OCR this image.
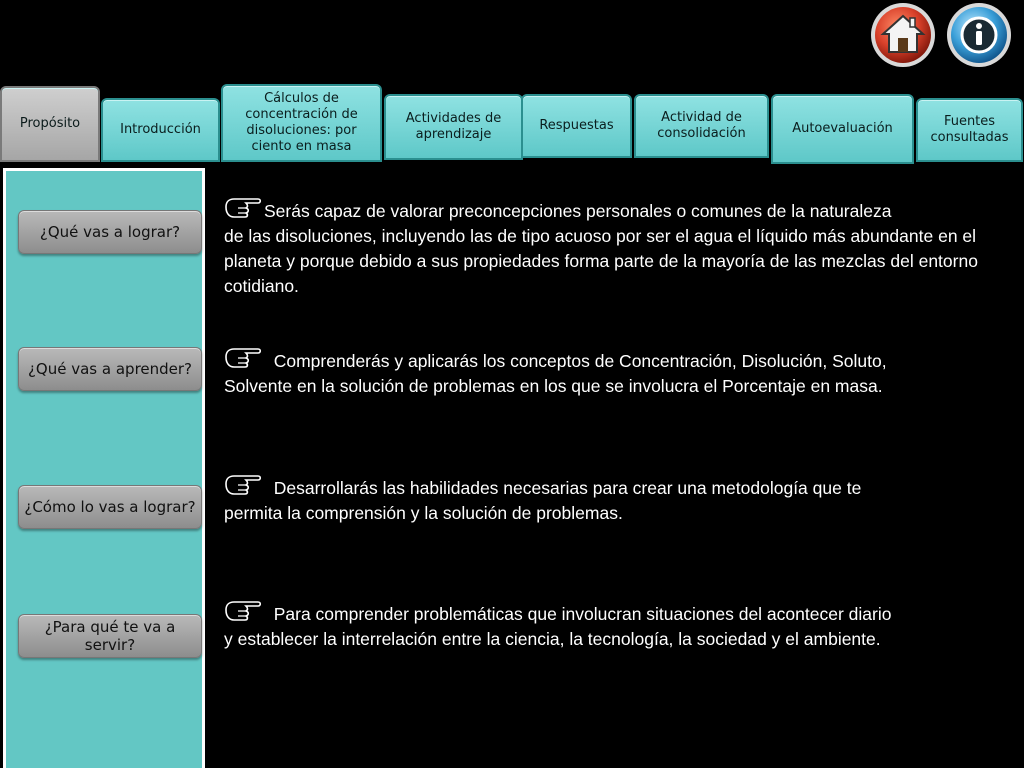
Propósito	Introducción
Cálculos de concentración de disoluciones: por ciento en masa
Actividades de aprendizaje
Respuestas
Actividad de consolidación	Autoevaluación	Fuentes consultadas
¿Qué vas a lograr?
¿Qué vas a aprender?
¿Cómo lo vas a lograr?
¿Para qué te va a servir?
Serás capaz de valorar preconcepciones personales o comunes de la naturaleza
de las disoluciones, incluyendo las de tipo acuoso por ser el agua el líquido más abundante en el planeta y porque debido a sus propiedades forma parte de la mayoría de las mezclas del entorno cotidiano.
Comprenderás y aplicarás los conceptos de Concentración, Disolución, Soluto,
Solvente en la solución de problemas en los que se involucra el Porcentaje en masa.
Desarrollarás las habilidades necesarias para crear una metodología que te
permita la comprensión y la solución de problemas.
Para comprender problemáticas que involucran situaciones del acontecer diario
y establecer la interrelación entre la ciencia, la tecnología, la sociedad y el ambiente.
